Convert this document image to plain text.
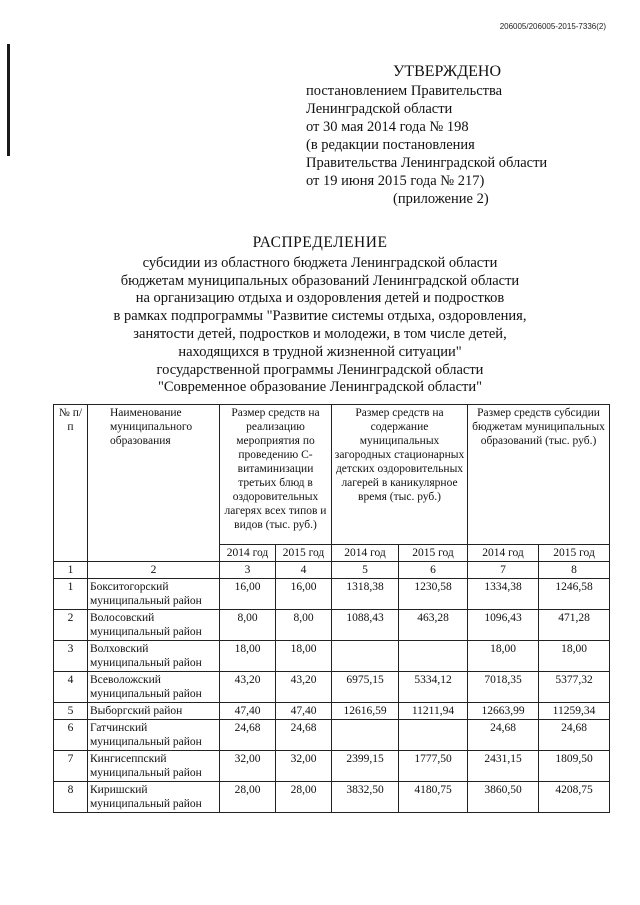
206005/206005-2015-7336(2)
УТВЕРЖДЕНО
постановлением Правительства
Ленинградской области
от 30 мая 2014 года № 198
(в редакции постановления
Правительства Ленинградской области
от 19 июня 2015 года № 217)
(приложение 2)
РАСПРЕДЕЛЕНИЕ
субсидии из областного бюджета Ленинградской области
бюджетам муниципальных образований Ленинградской области
на организацию отдыха и оздоровления детей и подростков
в рамках подпрограммы "Развитие системы отдыха, оздоровления,
занятости детей, подростков и молодежи, в том числе детей,
находящихся в трудной жизненной ситуации"
государственной программы Ленинградской области
"Современное образование Ленинградской области"
№ п/п	Наименование муниципального образования	Размер средств на реализацию мероприятия по проведению С-витаминизации третьих блюд в оздоровительных лагерях всех типов и видов (тыс. руб.)		Размер средств на содержание муниципальных загородных стационарных детских оздоровительных лагерей в каникулярное время (тыс. руб.)		Размер средств субсидии бюджетам муниципальных образований (тыс. руб.)	
		2014 год	2015 год	2014 год	2015 год	2014 год	2015 год
1	2	3	4	5	6	7	8
1	Бокситогорский муниципальный район	16,00	16,00	1318,38	1230,58	1334,38	1246,58
2	Волосовский муниципальный район	8,00	8,00	1088,43	463,28	1096,43	471,28
3	Волховский муниципальный район	18,00	18,00			18,00	18,00
4	Всеволожский муниципальный район	43,20	43,20	6975,15	5334,12	7018,35	5377,32
5	Выборгский район	47,40	47,40	12616,59	11211,94	12663,99	11259,34
6	Гатчинский муниципальный район	24,68	24,68			24,68	24,68
7	Кингисеппский муниципальный район	32,00	32,00	2399,15	1777,50	2431,15	1809,50
8	Киришский муниципальный район	28,00	28,00	3832,50	4180,75	3860,50	4208,75
